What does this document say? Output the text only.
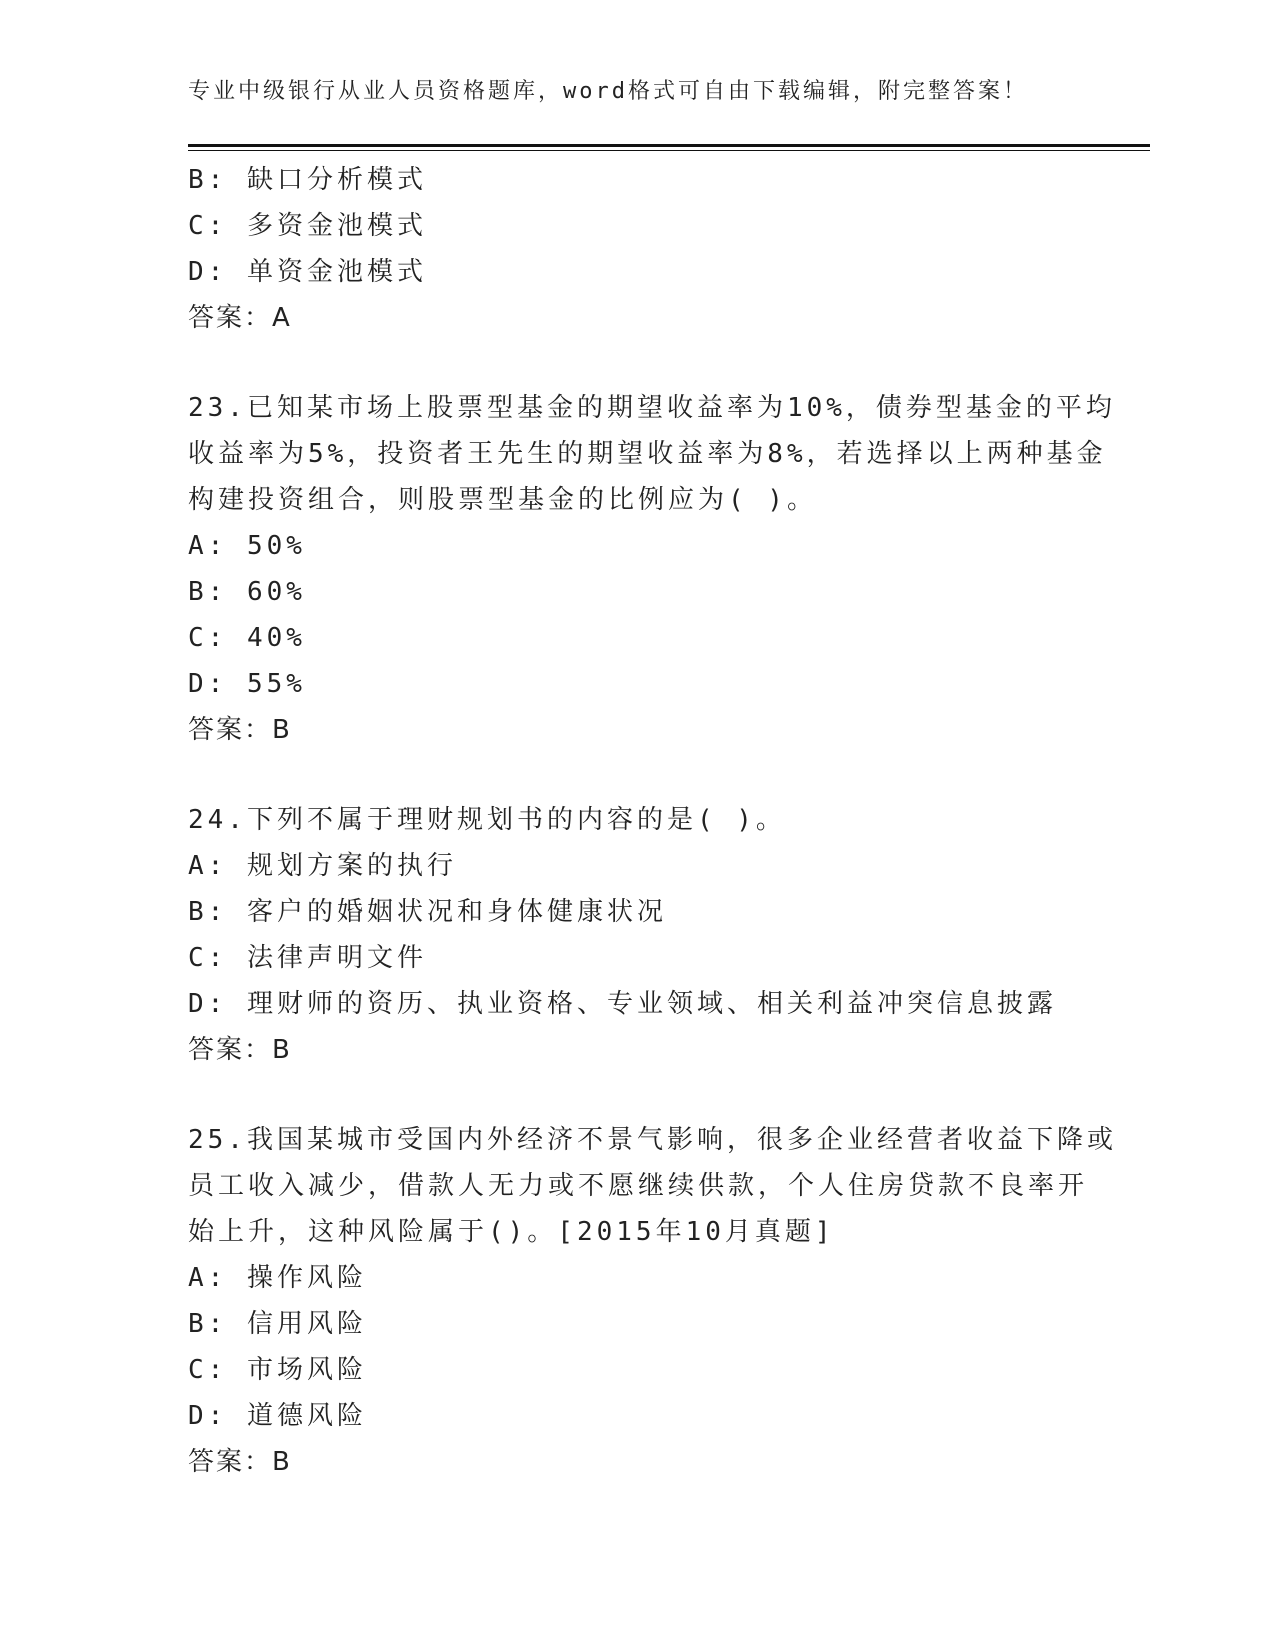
专业中级银行从业人员资格题库，word格式可自由下载编辑，附完整答案！
B: 缺口分析模式
C: 多资金池模式
D: 单资金池模式
答案：A
23.已知某市场上股票型基金的期望收益率为10%，债券型基金的平均
收益率为5%，投资者王先生的期望收益率为8%，若选择以上两种基金
构建投资组合，则股票型基金的比例应为( )。
A: 50%
B: 60%
C: 40%
D: 55%
答案：B
24.下列不属于理财规划书的内容的是( )。
A: 规划方案的执行
B: 客户的婚姻状况和身体健康状况
C: 法律声明文件
D: 理财师的资历、执业资格、专业领域、相关利益冲突信息披露
答案：B
25.我国某城市受国内外经济不景气影响，很多企业经营者收益下降或
员工收入减少，借款人无力或不愿继续供款，个人住房贷款不良率开
始上升，这种风险属于()。[2015年10月真题]
A: 操作风险
B: 信用风险
C: 市场风险
D: 道德风险
答案：B
